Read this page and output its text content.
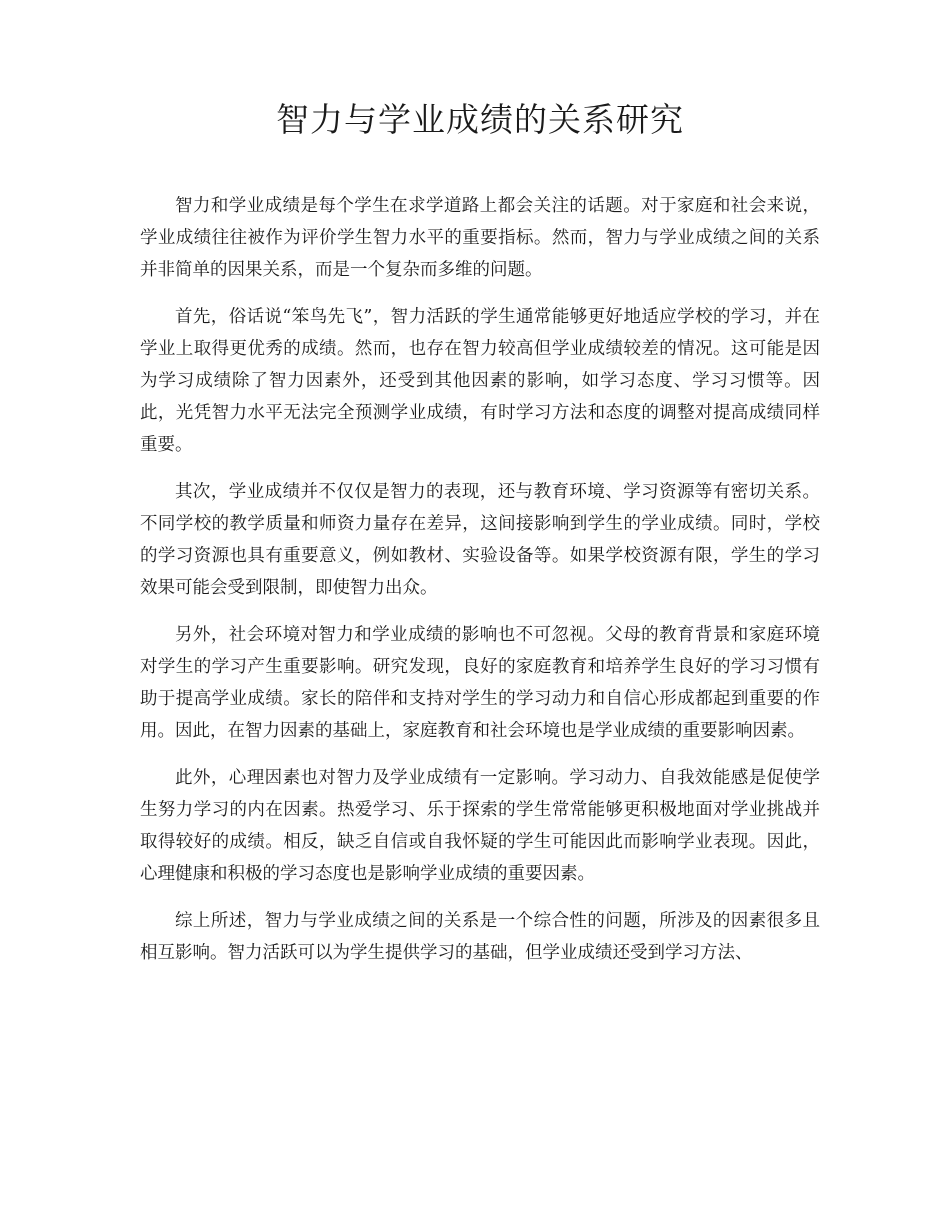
智力与学业成绩的关系研究

智力和学业成绩是每个学生在求学道路上都会关注的话题。对于家庭和社会来说，学业成绩往往被作为评价学生智力水平的重要指标。然而，智力与学业成绩之间的关系并非简单的因果关系，而是一个复杂而多维的问题。

首先，俗话说“笨鸟先飞”，智力活跃的学生通常能够更好地适应学校的学习，并在学业上取得更优秀的成绩。然而，也存在智力较高但学业成绩较差的情况。这可能是因为学习成绩除了智力因素外，还受到其他因素的影响，如学习态度、学习习惯等。因此，光凭智力水平无法完全预测学业成绩，有时学习方法和态度的调整对提高成绩同样重要。

其次，学业成绩并不仅仅是智力的表现，还与教育环境、学习资源等有密切关系。不同学校的教学质量和师资力量存在差异，这间接影响到学生的学业成绩。同时，学校的学习资源也具有重要意义，例如教材、实验设备等。如果学校资源有限，学生的学习效果可能会受到限制，即使智力出众。

另外，社会环境对智力和学业成绩的影响也不可忽视。父母的教育背景和家庭环境对学生的学习产生重要影响。研究发现，良好的家庭教育和培养学生良好的学习习惯有助于提高学业成绩。家长的陪伴和支持对学生的学习动力和自信心形成都起到重要的作用。因此，在智力因素的基础上，家庭教育和社会环境也是学业成绩的重要影响因素。

此外，心理因素也对智力及学业成绩有一定影响。学习动力、自我效能感是促使学生努力学习的内在因素。热爱学习、乐于探索的学生常常能够更积极地面对学业挑战并取得较好的成绩。相反，缺乏自信或自我怀疑的学生可能因此而影响学业表现。因此，心理健康和积极的学习态度也是影响学业成绩的重要因素。

综上所述，智力与学业成绩之间的关系是一个综合性的问题，所涉及的因素很多且相互影响。智力活跃可以为学生提供学习的基础，但学业成绩还受到学习方法、
